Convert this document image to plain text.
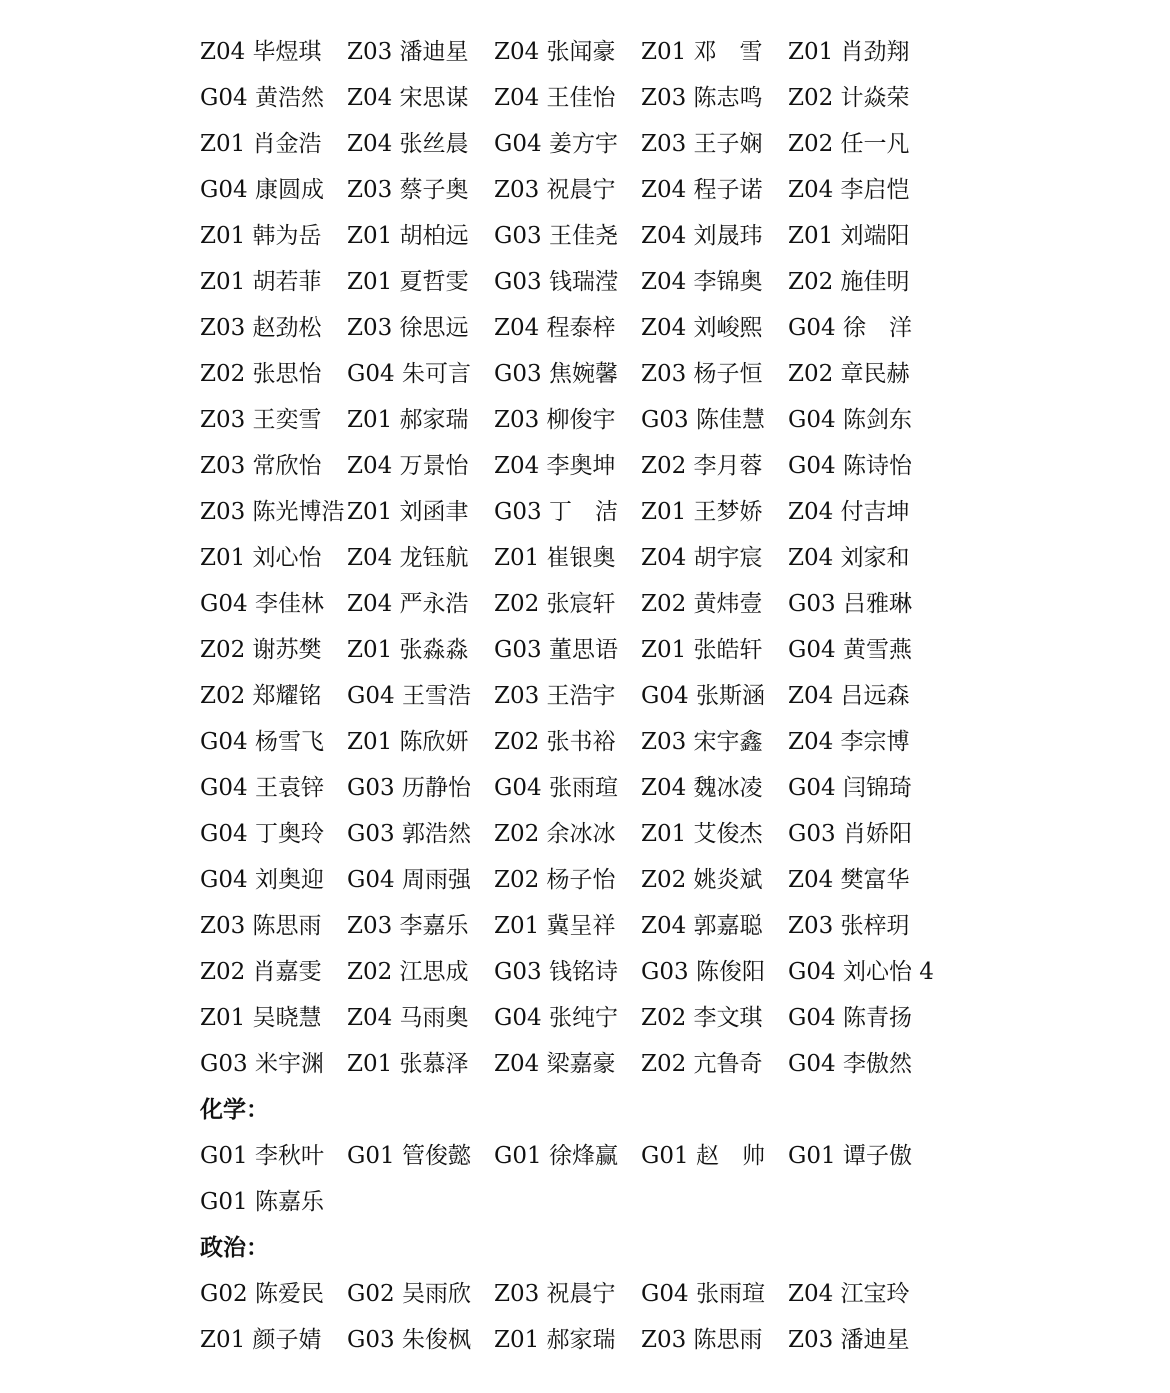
Z04 毕煜琪	Z03 潘迪星	Z04 张闻豪	Z01 邓　雪	Z01 肖劲翔
G04 黄浩然	Z04 宋思谋	Z04 王佳怡	Z03 陈志鸣	Z02 计焱荣
Z01 肖金浩	Z04 张丝晨	G04 姜方宇	Z03 王子娴	Z02 任一凡
G04 康圆成	Z03 蔡子奥	Z03 祝晨宁	Z04 程子诺	Z04 李启恺
Z01 韩为岳	Z01 胡柏远	G03 王佳尧	Z04 刘晟玮	Z01 刘端阳
Z01 胡若菲	Z01 夏哲雯	G03 钱瑞滢	Z04 李锦奥	Z02 施佳明
Z03 赵劲松	Z03 徐思远	Z04 程泰梓	Z04 刘峻熙	G04 徐　洋
Z02 张思怡	G04 朱可言	G03 焦婉馨	Z03 杨子恒	Z02 章民赫
Z03 王奕雪	Z01 郝家瑞	Z03 柳俊宇	G03 陈佳慧	G04 陈剑东
Z03 常欣怡	Z04 万景怡	Z04 李奥坤	Z02 李月蓉	G04 陈诗怡
Z03 陈光博浩 Z01 刘函聿	G03 丁　洁	Z01 王梦娇	Z04 付吉坤
Z01 刘心怡	Z04 龙钰航	Z01 崔银奥	Z04 胡宇宸	Z04 刘家和
G04 李佳林	Z04 严永浩	Z02 张宸轩	Z02 黄炜壹	G03 吕雅琳
Z02 谢苏樊	Z01 张淼淼	G03 董思语	Z01 张皓轩	G04 黄雪燕
Z02 郑耀铭	G04 王雪浩	Z03 王浩宇	G04 张斯涵	Z04 吕远森
G04 杨雪飞	Z01 陈欣妍	Z02 张书裕	Z03 宋宇鑫	Z04 李宗博
G04 王袁锌	G03 历静怡	G04 张雨瑄	Z04 魏冰凌	G04 闫锦琦
G04 丁奥玲	G03 郭浩然	Z02 余冰冰	Z01 艾俊杰	G03 肖娇阳
G04 刘奥迎	G04 周雨强	Z02 杨子怡	Z02 姚炎斌	Z04 樊富华
Z03 陈思雨	Z03 李嘉乐	Z01 冀呈祥	Z04 郭嘉聪	Z03 张梓玥
Z02 肖嘉雯	Z02 江思成	G03 钱铭诗	G03 陈俊阳	G04 刘心怡 4
Z01 吴晓慧	Z04 马雨奥	G04 张纯宁	Z02 李文琪	G04 陈青扬
G03 米宇渊	Z01 张慕泽	Z04 梁嘉豪	Z02 亢鲁奇	G04 李傲然
化学：
G01 李秋叶	G01 管俊懿	G01 徐烽赢	G01 赵　帅	G01 谭子傲
G01 陈嘉乐
政治：
G02 陈爱民	G02 吴雨欣	Z03 祝晨宁	G04 张雨瑄	Z04 江宝玲
Z01 颜子婧	G03 朱俊枫	Z01 郝家瑞	Z03 陈思雨	Z03 潘迪星
